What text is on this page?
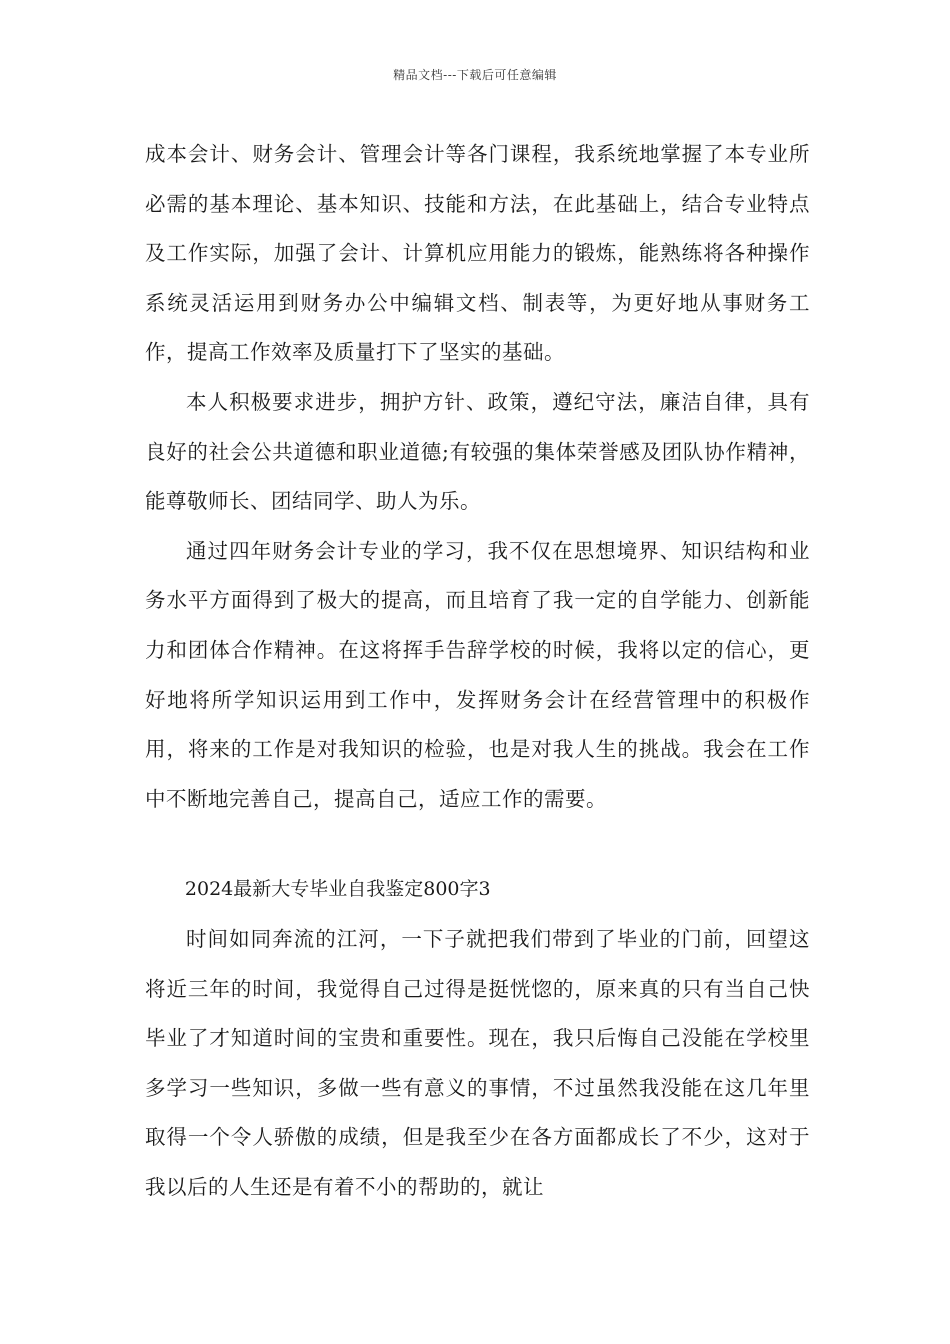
精品文档---下载后可任意编辑

成本会计、财务会计、管理会计等各门课程，我系统地掌握了本专业所必需的基本理论、基本知识、技能和方法，在此基础上，结合专业特点及工作实际，加强了会计、计算机应用能力的锻炼，能熟练将各种操作系统灵活运用到财务办公中编辑文档、制表等，为更好地从事财务工作，提高工作效率及质量打下了坚实的基础。

本人积极要求进步，拥护方针、政策，遵纪守法，廉洁自律，具有良好的社会公共道德和职业道德;有较强的集体荣誉感及团队协作精神，能尊敬师长、团结同学、助人为乐。

通过四年财务会计专业的学习，我不仅在思想境界、知识结构和业务水平方面得到了极大的提高，而且培育了我一定的自学能力、创新能力和团体合作精神。在这将挥手告辞学校的时候，我将以定的信心，更好地将所学知识运用到工作中，发挥财务会计在经营管理中的积极作用，将来的工作是对我知识的检验，也是对我人生的挑战。我会在工作中不断地完善自己，提高自己，适应工作的需要。

2024最新大专毕业自我鉴定800字3

时间如同奔流的江河，一下子就把我们带到了毕业的门前，回望这将近三年的时间，我觉得自己过得是挺恍惚的，原来真的只有当自己快毕业了才知道时间的宝贵和重要性。现在，我只后悔自己没能在学校里多学习一些知识，多做一些有意义的事情，不过虽然我没能在这几年里取得一个令人骄傲的成绩，但是我至少在各方面都成长了不少，这对于我以后的人生还是有着不小的帮助的，就让
